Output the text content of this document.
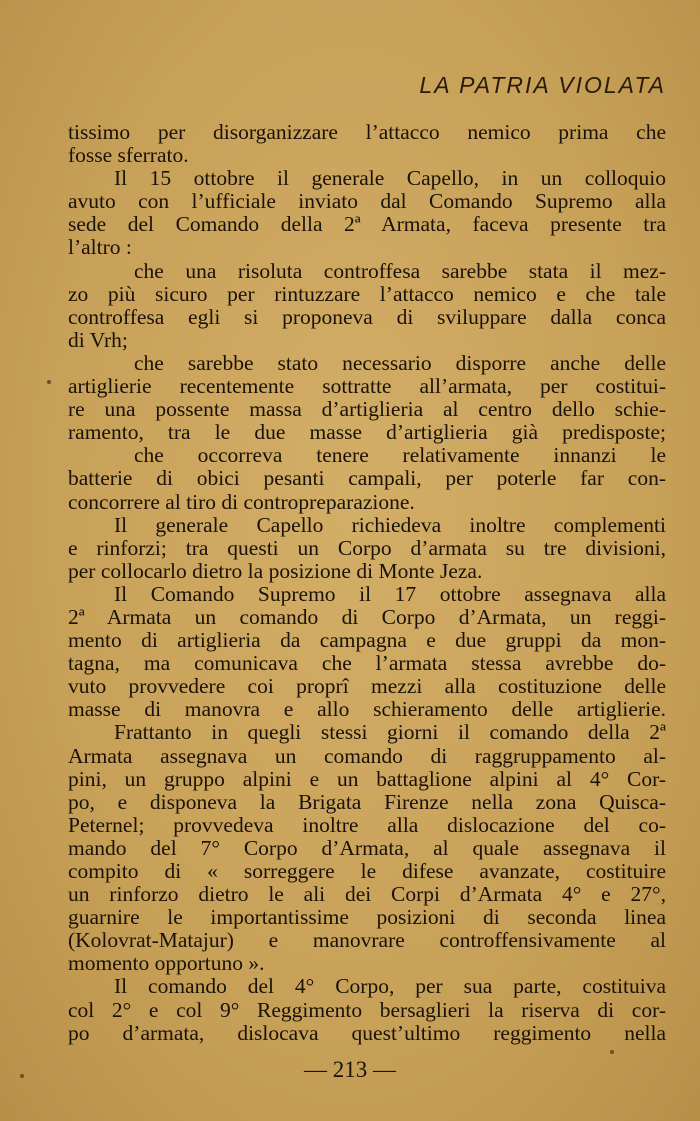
LA PATRIA VIOLATA
tissimo per disorganizzare l’attacco nemico prima che
fosse sferrato.
Il 15 ottobre il generale Capello, in un colloquio
avuto con l’ufficiale inviato dal Comando Supremo alla
sede del Comando della 2ª Armata, faceva presente tra
l’altro :
che una risoluta controffesa sarebbe stata il mez-
zo più sicuro per rintuzzare l’attacco nemico e che tale
controffesa egli si proponeva di sviluppare dalla conca
di Vrh;
che sarebbe stato necessario disporre anche delle
artiglierie recentemente sottratte all’armata, per costitui-
re una possente massa d’artiglieria al centro dello schie-
ramento, tra le due masse d’artiglieria già predisposte;
che occorreva tenere relativamente innanzi le
batterie di obici pesanti campali, per poterle far con-
concorrere al tiro di contropreparazione.
Il generale Capello richiedeva inoltre complementi
e rinforzi; tra questi un Corpo d’armata su tre divisioni,
per collocarlo dietro la posizione di Monte Jeza.
Il Comando Supremo il 17 ottobre assegnava alla
2ª Armata un comando di Corpo d’Armata, un reggi-
mento di artiglieria da campagna e due gruppi da mon-
tagna, ma comunicava che l’armata stessa avrebbe do-
vuto provvedere coi proprî mezzi alla costituzione delle
masse di manovra e allo schieramento delle artiglierie.
Frattanto in quegli stessi giorni il comando della 2ª
Armata assegnava un comando di raggruppamento al-
pini, un gruppo alpini e un battaglione alpini al 4° Cor-
po, e disponeva la Brigata Firenze nella zona Quisca-
Peternel; provvedeva inoltre alla dislocazione del co-
mando del 7° Corpo d’Armata, al quale assegnava il
compito di « sorreggere le difese avanzate, costituire
un rinforzo dietro le ali dei Corpi d’Armata 4° e 27°,
guarnire le importantissime posizioni di seconda linea
(Kolovrat-Matajur) e manovrare controffensivamente al
momento opportuno ».
Il comando del 4° Corpo, per sua parte, costituiva
col 2° e col 9° Reggimento bersaglieri la riserva di cor-
po d’armata, dislocava quest’ultimo reggimento nella
— 213 —
